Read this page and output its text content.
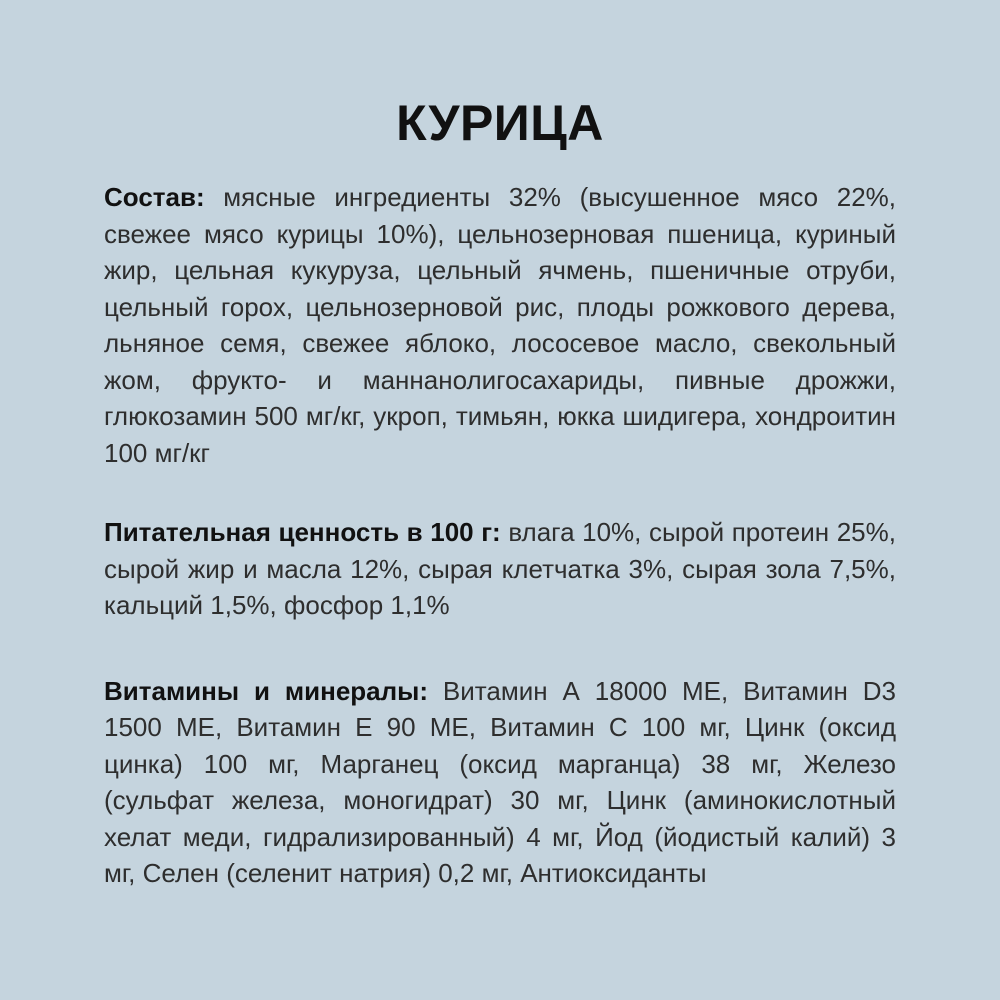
КУРИЦА

Состав: мясные ингредиенты 32% (высушенное мясо 22%, свежее мясо курицы 10%), цельнозерновая пшеница, куриный жир, цельная кукуруза, цельный ячмень, пшеничные отруби, цельный горох, цельнозерновой рис, плоды рожкового дерева, льняное семя, свежее яблоко, лососевое масло, свекольный жом, фрукто- и маннанолигосахариды, пивные дрожжи, глюкозамин 500 мг/кг, укроп, тимьян, юкка шидигера, хондроитин 100 мг/кг

Питательная ценность в 100 г: влага 10%, сырой протеин 25%, сырой жир и масла 12%, сырая клетчатка 3%, сырая зола 7,5%, кальций 1,5%, фосфор 1,1%

Витамины и минералы: Витамин А 18000 МЕ, Витамин D3 1500 МЕ, Витамин Е 90 МЕ, Витамин С 100 мг, Цинк (оксид цинка) 100 мг, Марганец (оксид марганца) 38 мг, Железо (сульфат железа, моногидрат) 30 мг, Цинк (аминокислотный хелат меди, гидрализированный) 4 мг, Йод (йодистый калий) 3 мг, Селен (селенит натрия) 0,2 мг, Антиоксиданты
